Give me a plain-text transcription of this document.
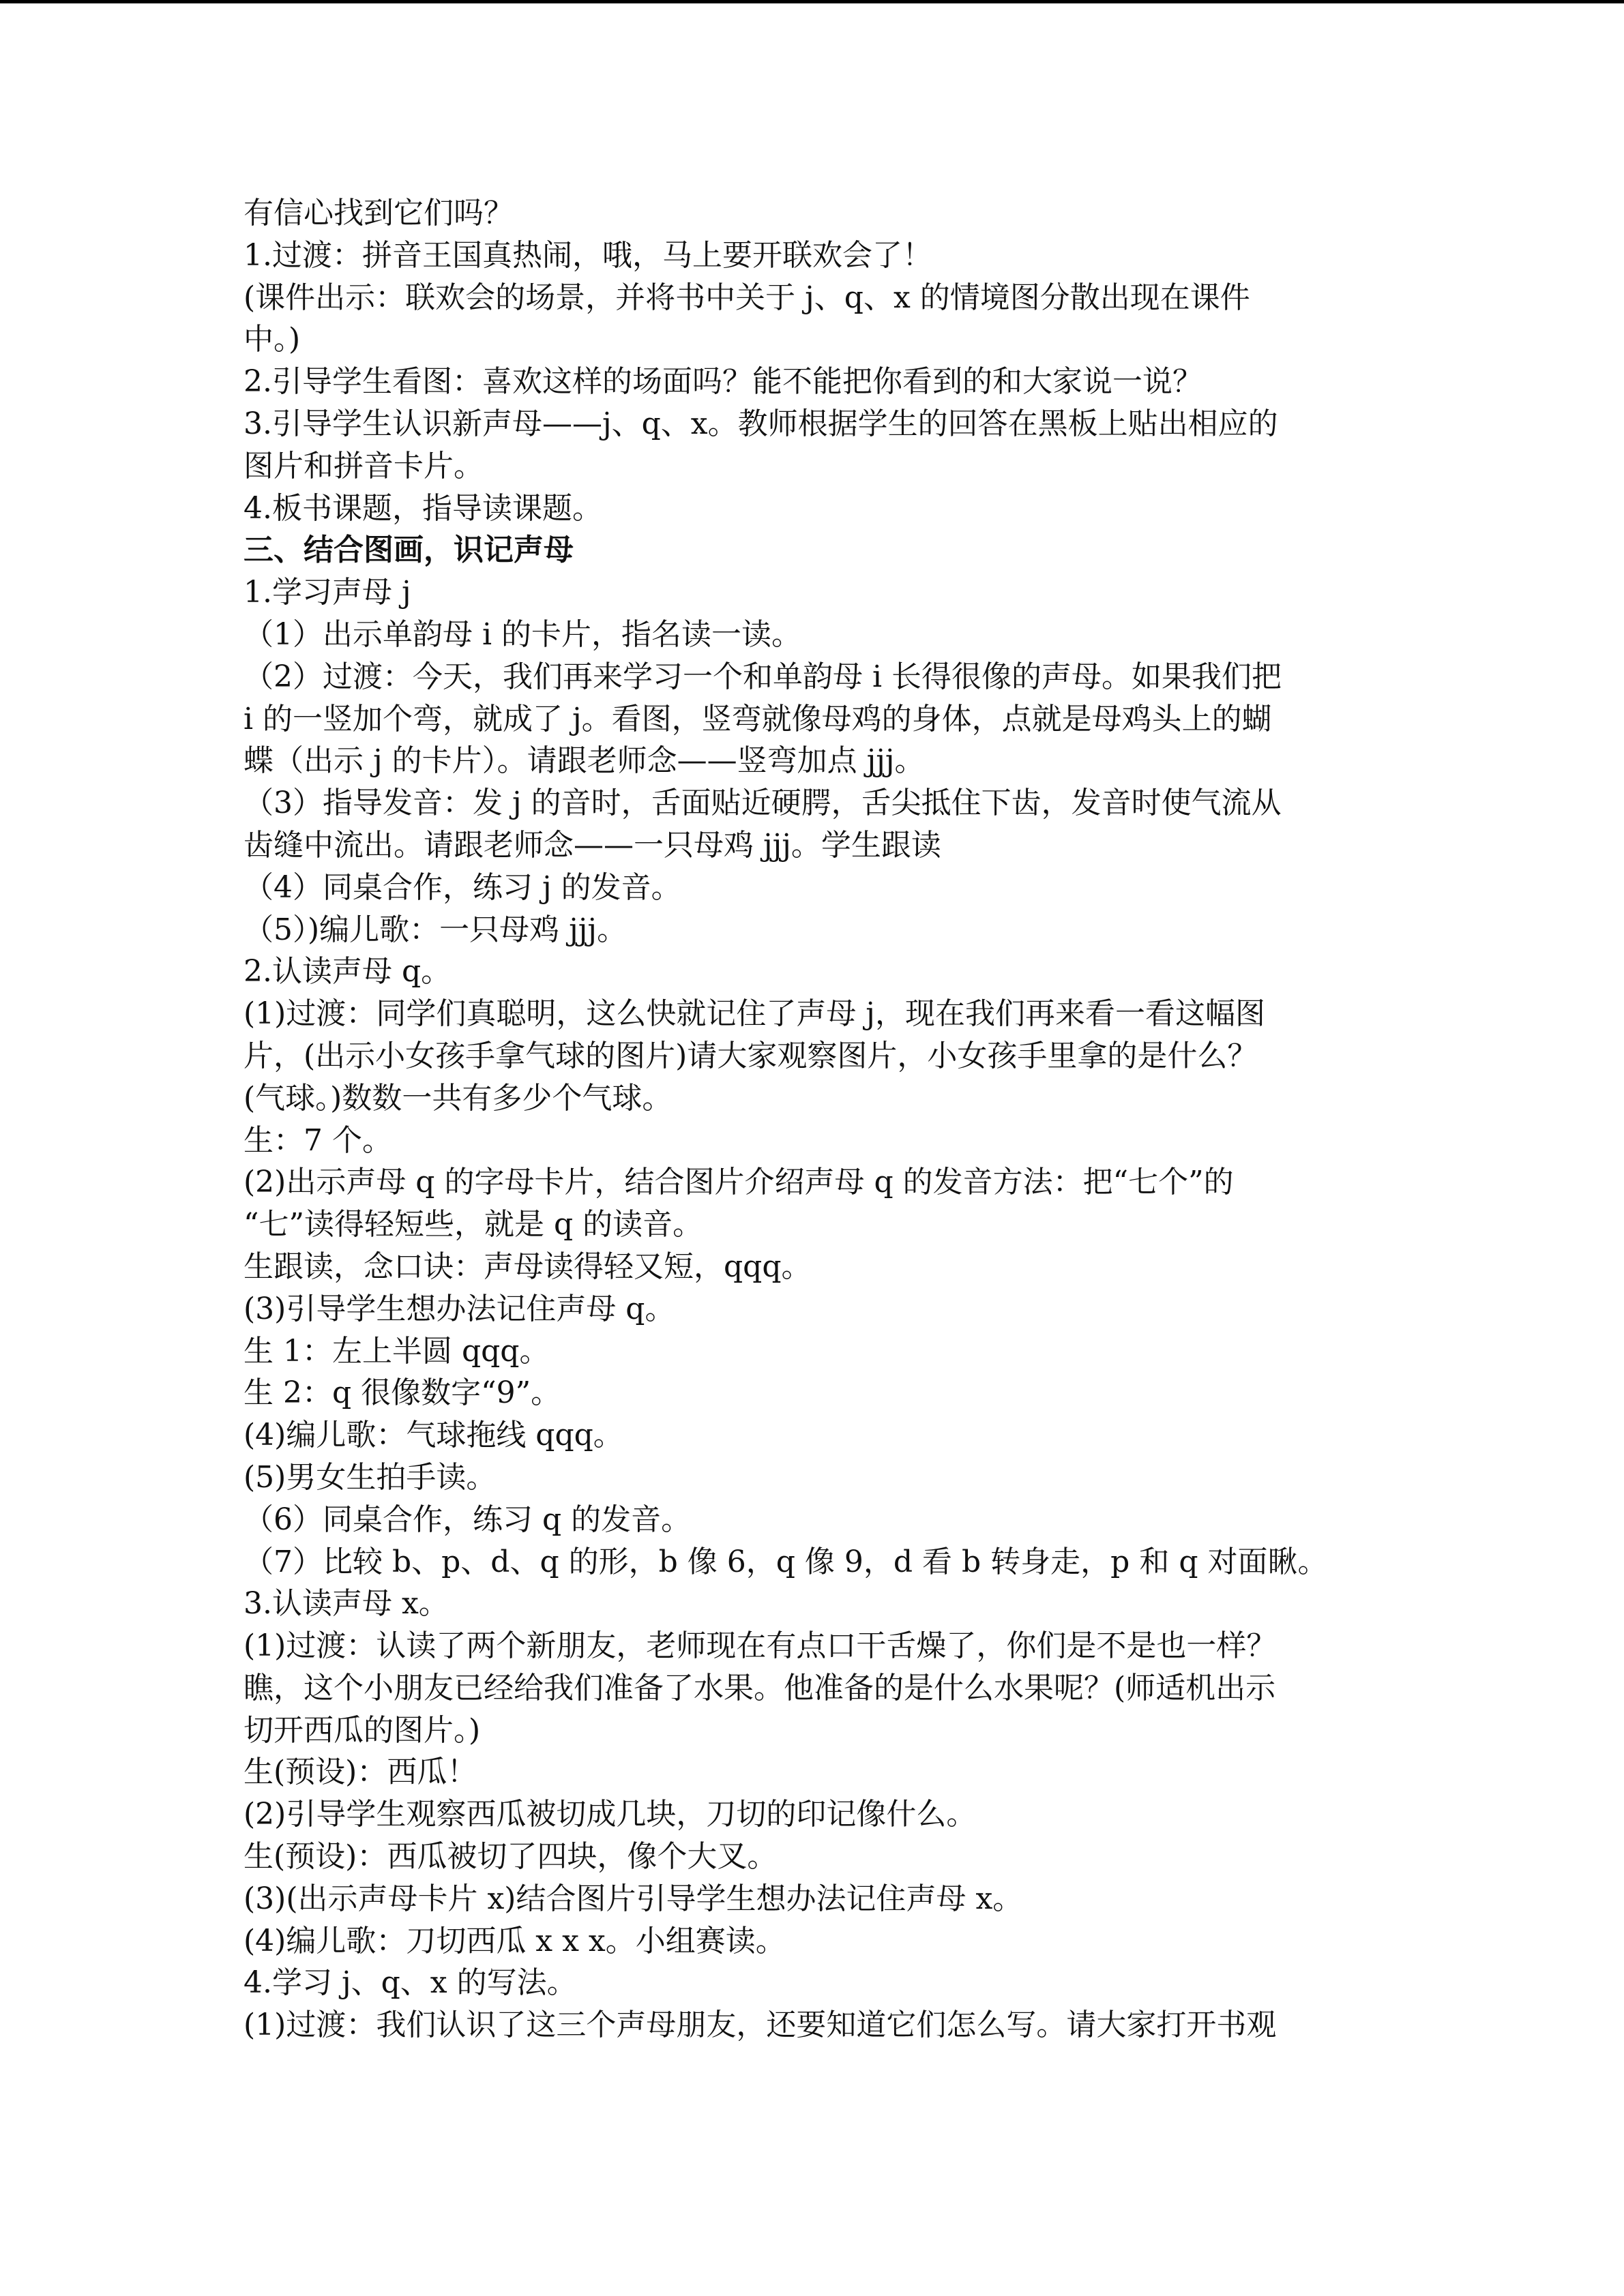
有信心找到它们吗？
1.过渡：拼音王国真热闹，哦，马上要开联欢会了！
(课件出示：联欢会的场景，并将书中关于 j、q、x 的情境图分散出现在课件
中。)
2.引导学生看图：喜欢这样的场面吗？能不能把你看到的和大家说一说？
3.引导学生认识新声母——j、q、x。教师根据学生的回答在黑板上贴出相应的
图片和拼音卡片。
4.板书课题，指导读课题。
三、结合图画，识记声母
1.学习声母 j
（1）出示单韵母 i 的卡片，指名读一读。
（2）过渡：今天，我们再来学习一个和单韵母 i 长得很像的声母。如果我们把
i 的一竖加个弯，就成了 j。看图，竖弯就像母鸡的身体，点就是母鸡头上的蝴
蝶（出示 j 的卡片）。请跟老师念——竖弯加点 jjj。
（3）指导发音：发 j 的音时，舌面贴近硬腭，舌尖抵住下齿，发音时使气流从
齿缝中流出。请跟老师念——一只母鸡 jjj。学生跟读
（4）同桌合作，练习 j 的发音。
（5）)编儿歌：一只母鸡 jjj。
2.认读声母 q。
(1)过渡：同学们真聪明，这么快就记住了声母 j，现在我们再来看一看这幅图
片，(出示小女孩手拿气球的图片)请大家观察图片，小女孩手里拿的是什么？
(气球。)数数一共有多少个气球。
生：7 个。
(2)出示声母 q 的字母卡片，结合图片介绍声母 q 的发音方法：把“七个”的
“七”读得轻短些，就是 q 的读音。
生跟读，念口诀：声母读得轻又短，qqq。
(3)引导学生想办法记住声母 q。
生 1：左上半圆 qqq。
生 2：q 很像数字“9”。
(4)编儿歌：气球拖线 qqq。
(5)男女生拍手读。
（6）同桌合作，练习 q 的发音。
（7）比较 b、p、d、q 的形，b 像 6，q 像 9，d 看 b 转身走，p 和 q 对面瞅。
3.认读声母 x。
(1)过渡：认读了两个新朋友，老师现在有点口干舌燥了，你们是不是也一样？
瞧，这个小朋友已经给我们准备了水果。他准备的是什么水果呢？(师适机出示
切开西瓜的图片。)
生(预设)：西瓜！
(2)引导学生观察西瓜被切成几块，刀切的印记像什么。
生(预设)：西瓜被切了四块，像个大叉。
(3)(出示声母卡片 x)结合图片引导学生想办法记住声母 x。
(4)编儿歌：刀切西瓜 x x x。小组赛读。
4.学习 j、q、x 的写法。
(1)过渡：我们认识了这三个声母朋友，还要知道它们怎么写。请大家打开书观
